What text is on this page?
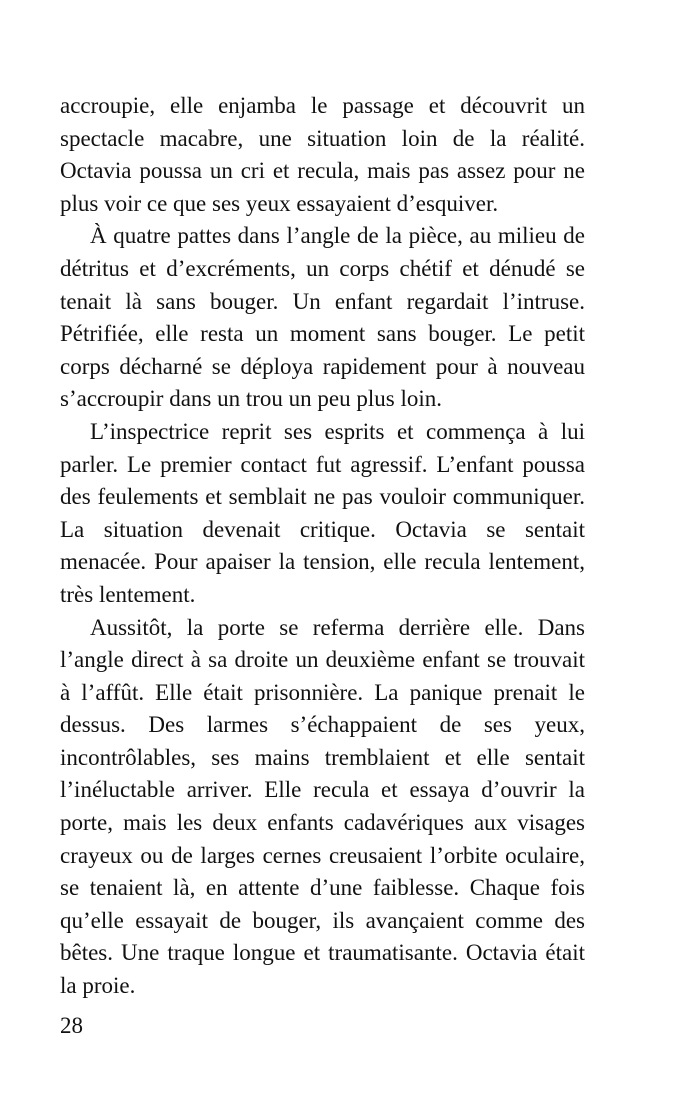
accroupie, elle enjamba le passage et découvrit un spectacle macabre, une situation loin de la réalité. Octavia poussa un cri et recula, mais pas assez pour ne plus voir ce que ses yeux essayaient d’esquiver.

À quatre pattes dans l’angle de la pièce, au milieu de détritus et d’excréments, un corps chétif et dénudé se tenait là sans bouger. Un enfant regardait l’intruse. Pétrifiée, elle resta un moment sans bouger. Le petit corps décharné se déploya rapidement pour à nouveau s’accroupir dans un trou un peu plus loin.

L’inspectrice reprit ses esprits et commença à lui parler. Le premier contact fut agressif. L’enfant poussa des feulements et semblait ne pas vouloir communiquer. La situation devenait critique. Octavia se sentait menacée. Pour apaiser la tension, elle recula lentement, très lentement.

Aussitôt, la porte se referma derrière elle. Dans l’angle direct à sa droite un deuxième enfant se trouvait à l’affût. Elle était prisonnière. La panique prenait le dessus. Des larmes s’échappaient de ses yeux, incontrôlables, ses mains tremblaient et elle sentait l’inéluctable arriver. Elle recula et essaya d’ouvrir la porte, mais les deux enfants cadavériques aux visages crayeux ou de larges cernes creusaient l’orbite oculaire, se tenaient là, en attente d’une faiblesse. Chaque fois qu’elle essayait de bouger, ils avançaient comme des bêtes. Une traque longue et traumatisante. Octavia était la proie.

28
